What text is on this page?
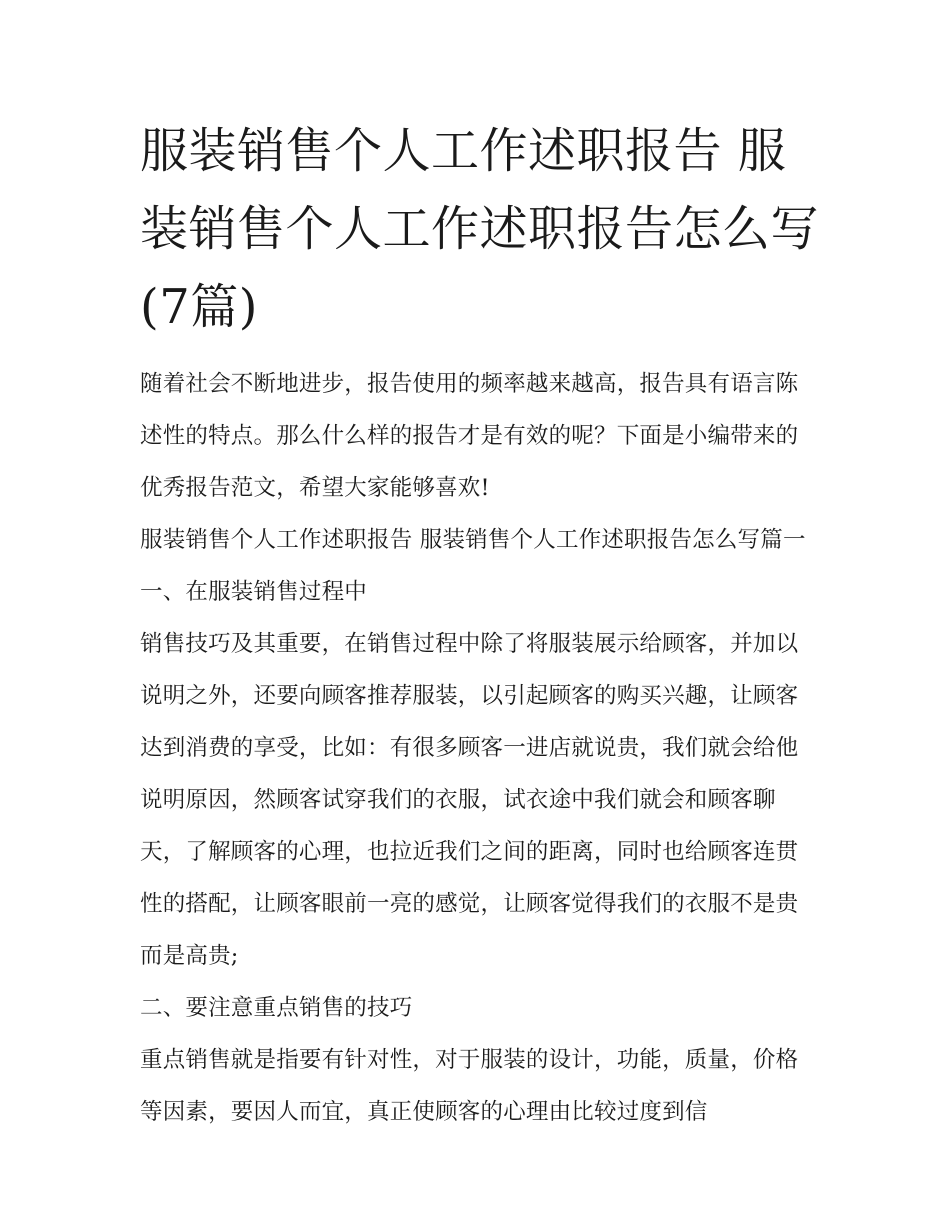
服装销售个人工作述职报告 服装销售个人工作述职报告怎么写(7篇)

随着社会不断地进步，报告使用的频率越来越高，报告具有语言陈述性的特点。那么什么样的报告才是有效的呢？下面是小编带来的优秀报告范文，希望大家能够喜欢!

服装销售个人工作述职报告 服装销售个人工作述职报告怎么写篇一 一、在服装销售过程中

销售技巧及其重要，在销售过程中除了将服装展示给顾客，并加以说明之外，还要向顾客推荐服装，以引起顾客的购买兴趣，让顾客达到消费的享受，比如：有很多顾客一进店就说贵，我们就会给他说明原因，然顾客试穿我们的衣服，试衣途中我们就会和顾客聊天，了解顾客的心理，也拉近我们之间的距离，同时也给顾客连贯性的搭配，让顾客眼前一亮的感觉，让顾客觉得我们的衣服不是贵而是高贵;

二、要注意重点销售的技巧

重点销售就是指要有针对性，对于服装的设计，功能，质量，价格等因素，要因人而宜，真正使顾客的心理由比较过度到信
